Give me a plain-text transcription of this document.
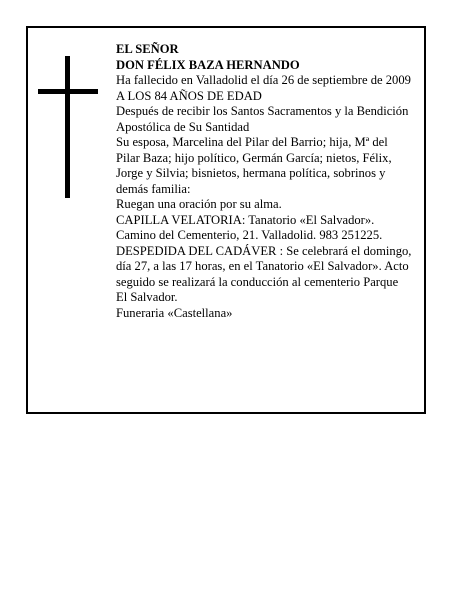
EL SEÑOR

DON FÉLIX BAZA HERNANDO

Ha fallecido en Valladolid el día 26 de septiembre de 2009

A LOS 84 AÑOS DE EDAD

Después de recibir los Santos Sacramentos y la Bendición Apostólica de Su Santidad

Su esposa, Marcelina del Pilar del Barrio; hija, Mª del Pilar Baza; hijo político, Germán García; nietos, Félix, Jorge y Silvia; bisnietos, hermana política, sobrinos y demás familia:

Ruegan una oración por su alma.

CAPILLA VELATORIA: Tanatorio «El Salvador». Camino del Cementerio, 21. Valladolid. 983 251225.

DESPEDIDA DEL CADÁVER : Se celebrará el domingo, día 27, a las 17 horas, en el Tanatorio «El Salvador». Acto seguido se realizará la conducción al cementerio Parque El Salvador.

Funeraria «Castellana»
